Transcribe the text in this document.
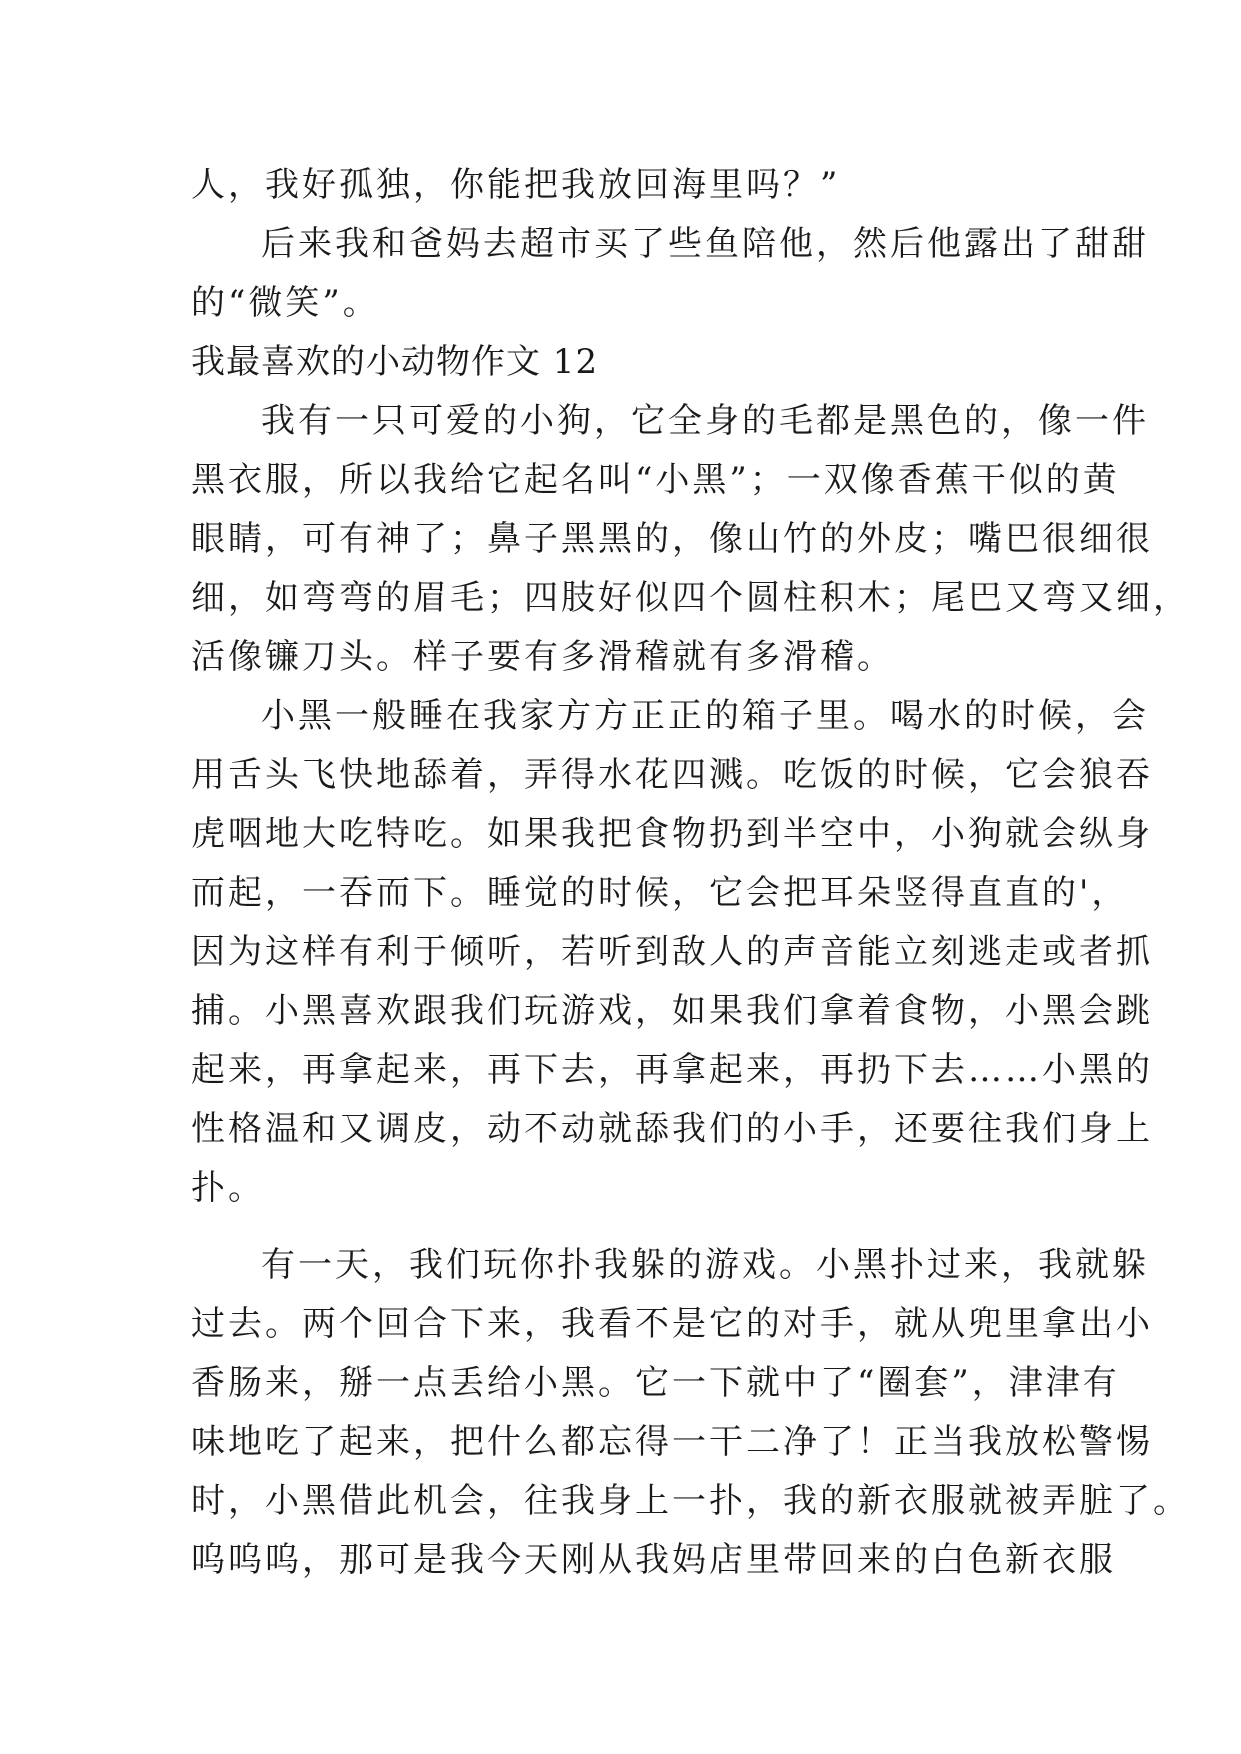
人，我好孤独，你能把我放回海里吗？”
后来我和爸妈去超市买了些鱼陪他，然后他露出了甜甜
的“微笑”。
我最喜欢的小动物作文 12
我有一只可爱的小狗，它全身的毛都是黑色的，像一件
黑衣服，所以我给它起名叫“小黑”；一双像香蕉干似的黄
眼睛，可有神了；鼻子黑黑的，像山竹的外皮；嘴巴很细很
细，如弯弯的眉毛；四肢好似四个圆柱积木；尾巴又弯又细，
活像镰刀头。样子要有多滑稽就有多滑稽。
小黑一般睡在我家方方正正的箱子里。喝水的时候，会
用舌头飞快地舔着，弄得水花四溅。吃饭的时候，它会狼吞
虎咽地大吃特吃。如果我把食物扔到半空中，小狗就会纵身
而起，一吞而下。睡觉的时候，它会把耳朵竖得直直的'，
因为这样有利于倾听，若听到敌人的声音能立刻逃走或者抓
捕。小黑喜欢跟我们玩游戏，如果我们拿着食物，小黑会跳
起来，再拿起来，再下去，再拿起来，再扔下去……小黑的
性格温和又调皮，动不动就舔我们的小手，还要往我们身上
扑。
有一天，我们玩你扑我躲的游戏。小黑扑过来，我就躲
过去。两个回合下来，我看不是它的对手，就从兜里拿出小
香肠来，掰一点丢给小黑。它一下就中了“圈套”，津津有
味地吃了起来，把什么都忘得一干二净了！正当我放松警惕
时，小黑借此机会，往我身上一扑，我的新衣服就被弄脏了。
呜呜呜，那可是我今天刚从我妈店里带回来的白色新衣服
